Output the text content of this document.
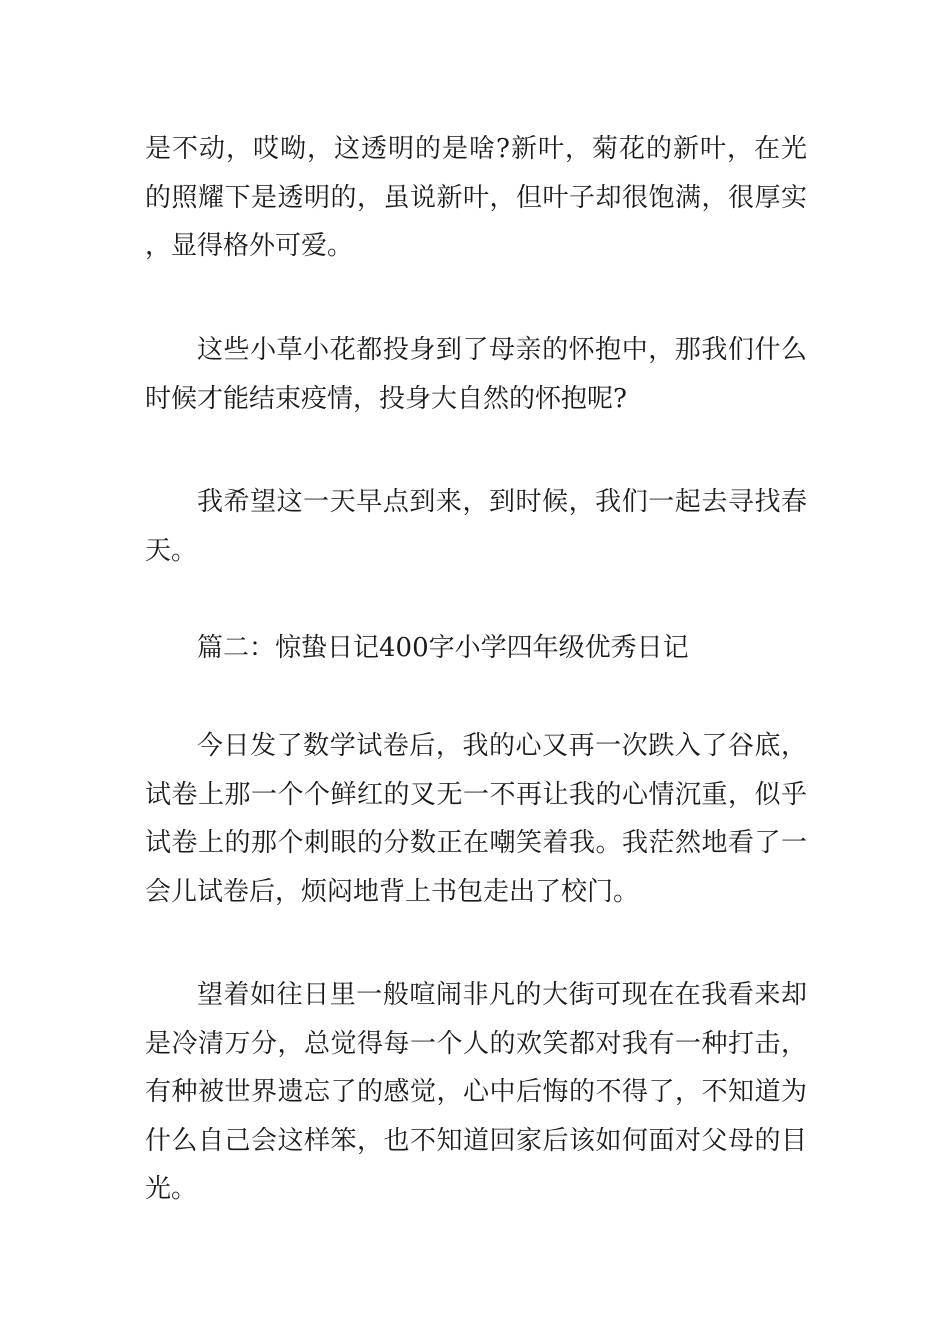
是不动，哎呦，这透明的是啥?新叶，菊花的新叶，在光的照耀下是透明的，虽说新叶，但叶子却很饱满，很厚实，显得格外可爱。

这些小草小花都投身到了母亲的怀抱中，那我们什么时候才能结束疫情，投身大自然的怀抱呢?

我希望这一天早点到来，到时候，我们一起去寻找春天。

篇二：惊蛰日记400字小学四年级优秀日记

今日发了数学试卷后，我的心又再一次跌入了谷底，试卷上那一个个鲜红的叉无一不再让我的心情沉重，似乎试卷上的那个刺眼的分数正在嘲笑着我。我茫然地看了一会儿试卷后，烦闷地背上书包走出了校门。

望着如往日里一般喧闹非凡的大街可现在在我看来却是冷清万分，总觉得每一个人的欢笑都对我有一种打击，有种被世界遗忘了的感觉，心中后悔的不得了，不知道为什么自己会这样笨，也不知道回家后该如何面对父母的目光。
